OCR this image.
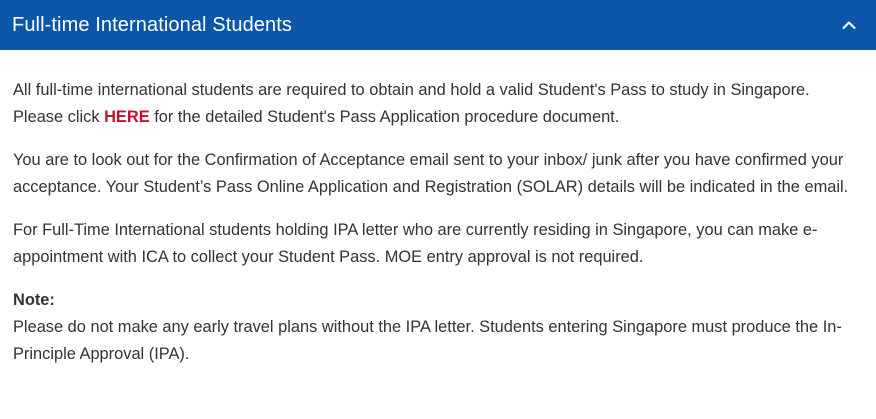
Full-time International Students

All full-time international students are required to obtain and hold a valid Student's Pass to study in Singapore. Please click HERE for the detailed Student's Pass Application procedure document.

You are to look out for the Confirmation of Acceptance email sent to your inbox/ junk after you have confirmed your acceptance. Your Student’s Pass Online Application and Registration (SOLAR) details will be indicated in the email.

For Full-Time International students holding IPA letter who are currently residing in Singapore, you can make e-appointment with ICA to collect your Student Pass. MOE entry approval is not required.

Note:

Please do not make any early travel plans without the IPA letter. Students entering Singapore must produce the In-Principle Approval (IPA).
